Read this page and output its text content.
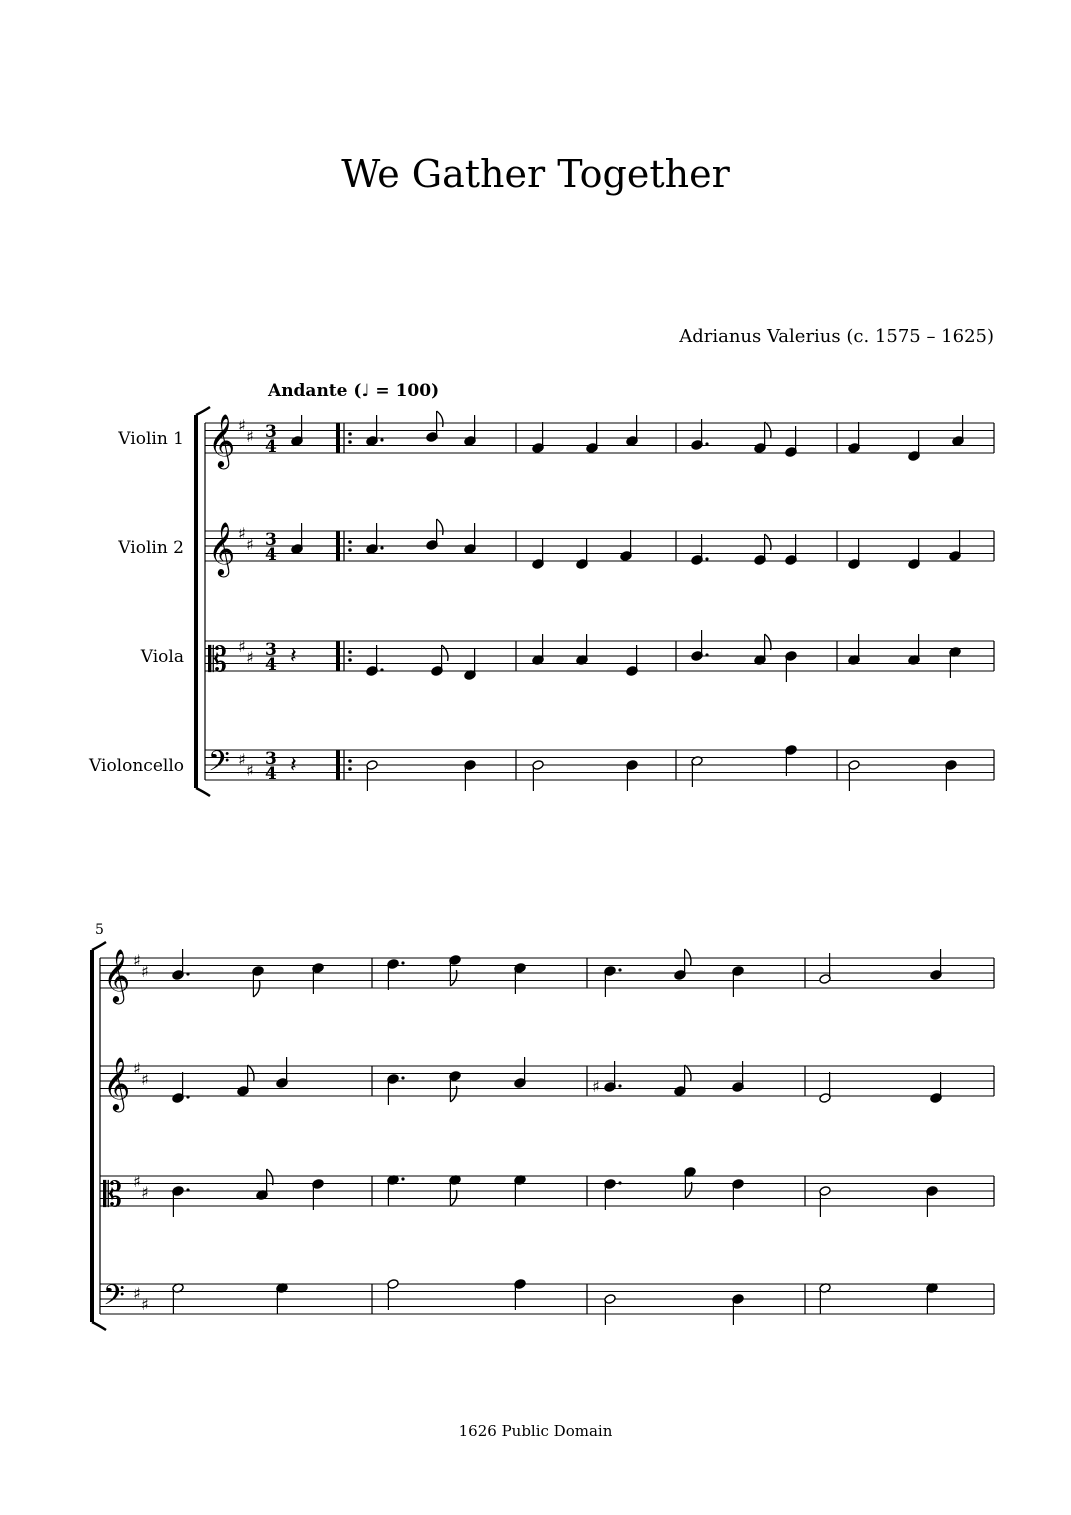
We Gather Together
Adrianus Valerius (c. 1575 – 1625)
Andante (♩ = 100)
Violin 1
Violin 2
Viola
Violoncello
5
1626 Public Domain
𝄞 ♯
♯ 3
4
𝄞 ♯
♯ 3
4
𝄡 ♯
♯ 3
4
𝄢 ♯
♯
3
4
𝄽
𝄽
𝄞 ♯
♯
𝄞 ♯
♯
𝄡 ♯
♯
𝄢 ♯
♯
♯
